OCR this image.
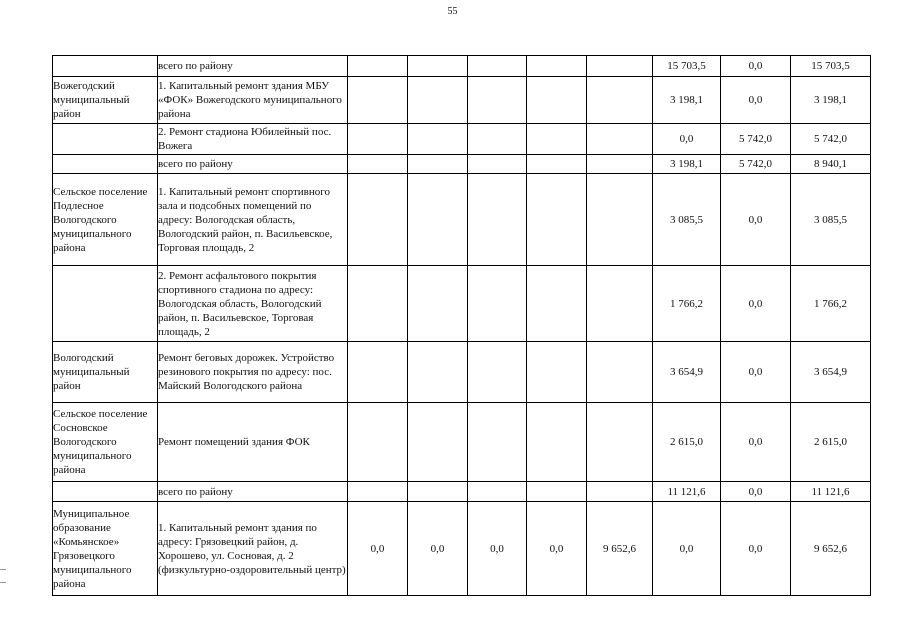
55
	всего по району						15 703,5	0,0	15 703,5
Вожегодский муниципальный район	1. Капитальный ремонт здания МБУ «ФОК» Вожегодского муниципального района						3 198,1	0,0	3 198,1
	2. Ремонт стадиона Юбилейный пос. Вожега						0,0	5 742,0	5 742,0
	всего по району						3 198,1	5 742,0	8 940,1
Сельское поселение Подлесное Вологодского муниципального района	1. Капитальный ремонт спортивного зала и подсобных помещений по адресу: Вологодская область, Вологодский район, п. Васильевское, Торговая площадь, 2						3 085,5	0,0	3 085,5
	2. Ремонт асфальтового покрытия спортивного стадиона по адресу: Вологодская область, Вологодский район, п. Васильевское, Торговая площадь, 2						1 766,2	0,0	1 766,2
Вологодский муниципальный район	Ремонт беговых дорожек. Устройство резинового покрытия по адресу: пос. Майский Вологодского района						3 654,9	0,0	3 654,9
Сельское поселение Сосновское Вологодского муниципального района	Ремонт помещений здания ФОК						2 615,0	0,0	2 615,0
	всего по району						11 121,6	0,0	11 121,6
Муниципальное образование «Комьянское» Грязовецкого муниципального района	1. Капитальный ремонт здания по адресу: Грязовецкий район, д. Хорошево, ул. Сосновая, д. 2 (физкультурно-оздоровительный центр)	0,0	0,0	0,0	0,0	9 652,6	0,0	0,0	9 652,6
